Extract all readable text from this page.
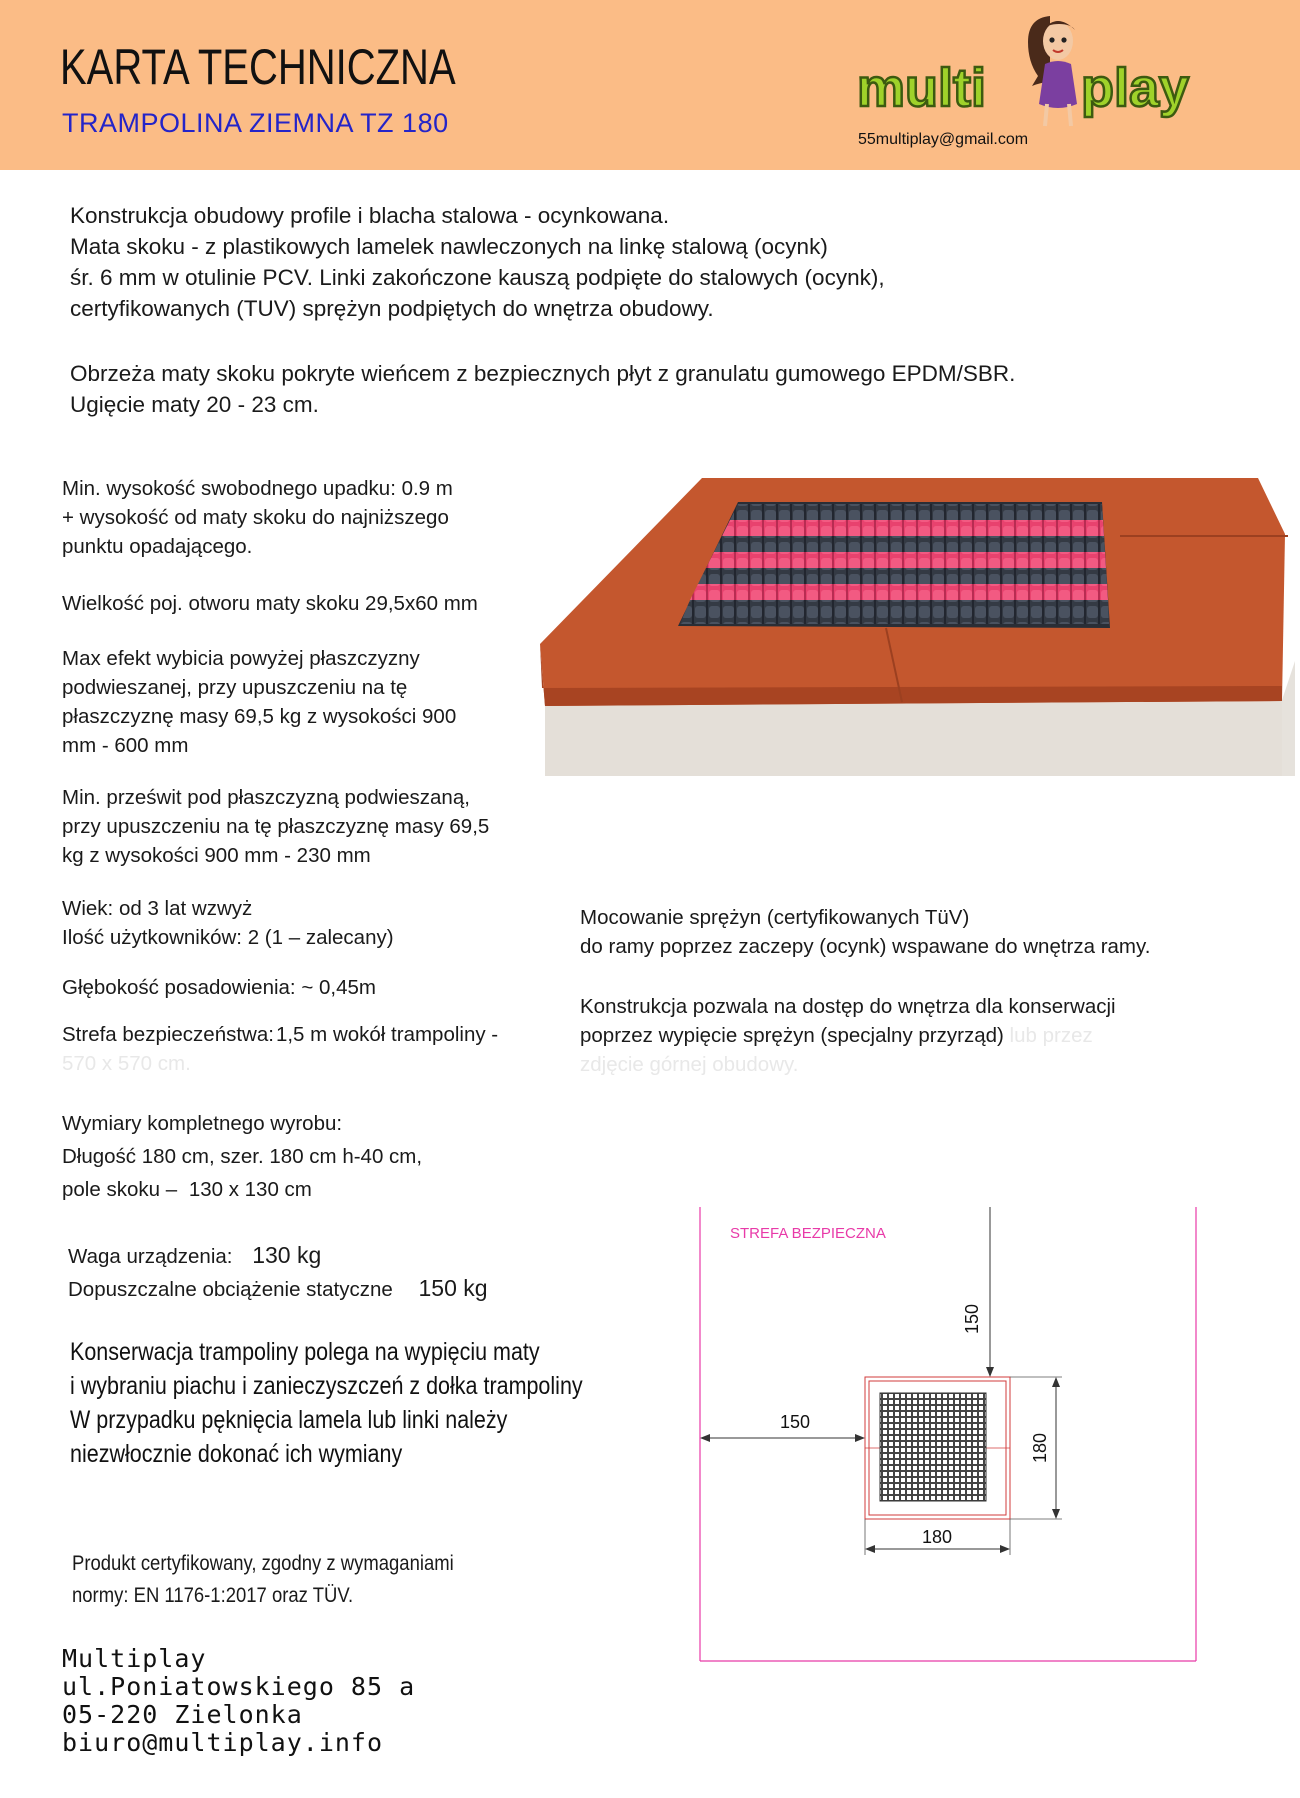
KARTA TECHNICZNA
TRAMPOLINA ZIEMNA TZ 180
multi play
55multiplay@gmail.com
Konstrukcja obudowy profile i blacha stalowa - ocynkowana.
Mata skoku - z plastikowych lamelek nawleczonych na linkę stalową (ocynk)
śr. 6 mm w otulinie PCV. Linki zakończone kauszą podpięte do stalowych (ocynk),
certyfikowanych (TUV) sprężyn podpiętych do wnętrza obudowy.
Obrzeża maty skoku pokryte wieńcem z bezpiecznych płyt z granulatu gumowego EPDM/SBR.
Ugięcie maty 20 - 23 cm.
Min. wysokość swobodnego upadku: 0.9 m
+ wysokość od maty skoku do najniższego
punktu opadającego.
Wielkość poj. otworu maty skoku 29,5x60 mm
Max efekt wybicia powyżej płaszczyzny
podwieszanej, przy upuszczeniu na tę
płaszczyznę masy 69,5 kg z wysokości 900
mm - 600 mm
Min. prześwit pod płaszczyzną podwieszaną,
przy upuszczeniu na tę płaszczyznę masy 69,5
kg z wysokości 900 mm - 230 mm
Wiek: od 3 lat wzwyż
Ilość użytkowników: 2 (1 – zalecany)
Głębokość posadowienia: ~ 0,45m
Strefa bezpieczeństwa:1,5 m wokół trampoliny -
570 x 570 cm.
Wymiary kompletnego wyrobu:
Długość 180 cm, szer. 180 cm h-40 cm,
pole skoku – 130 x 130 cm
Waga urządzenia: 130 kg
Dopuszczalne obciążenie statyczne 150 kg
Mocowanie sprężyn (certyfikowanych TüV)
do ramy poprzez zaczepy (ocynk) wspawane do wnętrza ramy.
Konstrukcja pozwala na dostęp do wnętrza dla konserwacji
poprzez wypięcie sprężyn (specjalny przyrząd) lub przez
zdjęcie górnej obudowy.
Konserwacja trampoliny polega na wypięciu maty
i wybraniu piachu i zanieczyszczeń z dołka trampoliny
W przypadku pęknięcia lamela lub linki należy
niezwłocznie dokonać ich wymiany
Produkt certyfikowany, zgodny z wymaganiami
normy: EN 1176-1:2017 oraz TÜV.
Multiplay
ul.Poniatowskiego 85 a
05-220 Zielonka
biuro@multiplay.info
STREFA BEZPIECZNA
150
150
180
180
